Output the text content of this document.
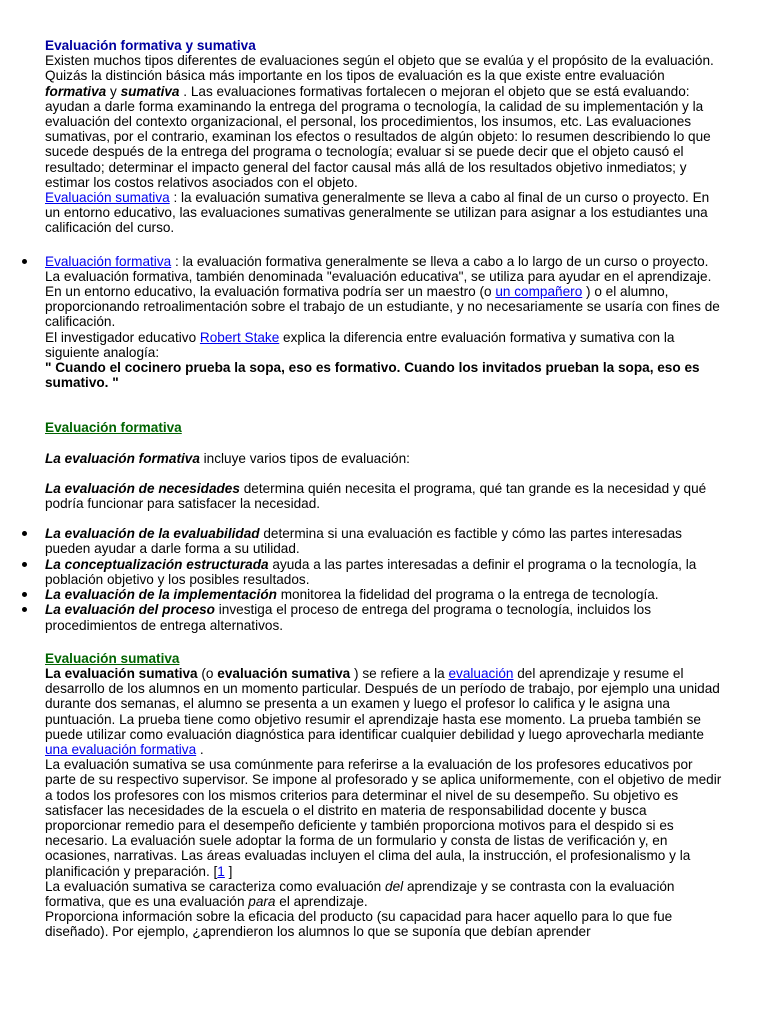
Evaluación formativa y sumativa

Existen muchos tipos diferentes de evaluaciones según el objeto que se evalúa y el propósito de la evaluación. Quizás la distinción básica más importante en los tipos de evaluación es la que existe entre evaluación formativa y sumativa . Las evaluaciones formativas fortalecen o mejoran el objeto que se está evaluando: ayudan a darle forma examinando la entrega del programa o tecnología, la calidad de su implementación y la evaluación del contexto organizacional, el personal, los procedimientos, los insumos, etc. Las evaluaciones sumativas, por el contrario, examinan los efectos o resultados de algún objeto: lo resumen describiendo lo que sucede después de la entrega del programa o tecnología; evaluar si se puede decir que el objeto causó el resultado; determinar el impacto general del factor causal más allá de los resultados objetivo inmediatos; y estimar los costos relativos asociados con el objeto.

Evaluación sumativa : la evaluación sumativa generalmente se lleva a cabo al final de un curso o proyecto. En un entorno educativo, las evaluaciones sumativas generalmente se utilizan para asignar a los estudiantes una calificación del curso.

Evaluación formativa : la evaluación formativa generalmente se lleva a cabo a lo largo de un curso o proyecto. La evaluación formativa, también denominada "evaluación educativa", se utiliza para ayudar en el aprendizaje. En un entorno educativo, la evaluación formativa podría ser un maestro (o un compañero ) o el alumno, proporcionando retroalimentación sobre el trabajo de un estudiante, y no necesariamente se usaría con fines de calificación.

El investigador educativo Robert Stake explica la diferencia entre evaluación formativa y sumativa con la siguiente analogía:

" Cuando el cocinero prueba la sopa, eso es formativo. Cuando los invitados prueban la sopa, eso es sumativo. "

Evaluación formativa

La evaluación formativa incluye varios tipos de evaluación:

La evaluación de necesidades determina quién necesita el programa, qué tan grande es la necesidad y qué podría funcionar para satisfacer la necesidad.

La evaluación de la evaluabilidad determina si una evaluación es factible y cómo las partes interesadas pueden ayudar a darle forma a su utilidad.

La conceptualización estructurada ayuda a las partes interesadas a definir el programa o la tecnología, la población objetivo y los posibles resultados.

La evaluación de la implementación monitorea la fidelidad del programa o la entrega de tecnología.

La evaluación del proceso investiga el proceso de entrega del programa o tecnología, incluidos los procedimientos de entrega alternativos.

Evaluación sumativa

La evaluación sumativa (o evaluación sumativa ) se refiere a la evaluación del aprendizaje y resume el desarrollo de los alumnos en un momento particular. Después de un período de trabajo, por ejemplo una unidad durante dos semanas, el alumno se presenta a un examen y luego el profesor lo califica y le asigna una puntuación. La prueba tiene como objetivo resumir el aprendizaje hasta ese momento. La prueba también se puede utilizar como evaluación diagnóstica para identificar cualquier debilidad y luego aprovecharla mediante una evaluación formativa .

La evaluación sumativa se usa comúnmente para referirse a la evaluación de los profesores educativos por parte de su respectivo supervisor. Se impone al profesorado y se aplica uniformemente, con el objetivo de medir a todos los profesores con los mismos criterios para determinar el nivel de su desempeño. Su objetivo es satisfacer las necesidades de la escuela o el distrito en materia de responsabilidad docente y busca proporcionar remedio para el desempeño deficiente y también proporciona motivos para el despido si es necesario. La evaluación suele adoptar la forma de un formulario y consta de listas de verificación y, en ocasiones, narrativas. Las áreas evaluadas incluyen el clima del aula, la instrucción, el profesionalismo y la planificación y preparación. [1 ]

La evaluación sumativa se caracteriza como evaluación del aprendizaje y se contrasta con la evaluación formativa, que es una evaluación para el aprendizaje.

Proporciona información sobre la eficacia del producto (su capacidad para hacer aquello para lo que fue diseñado). Por ejemplo, ¿aprendieron los alumnos lo que se suponía que debían aprender
